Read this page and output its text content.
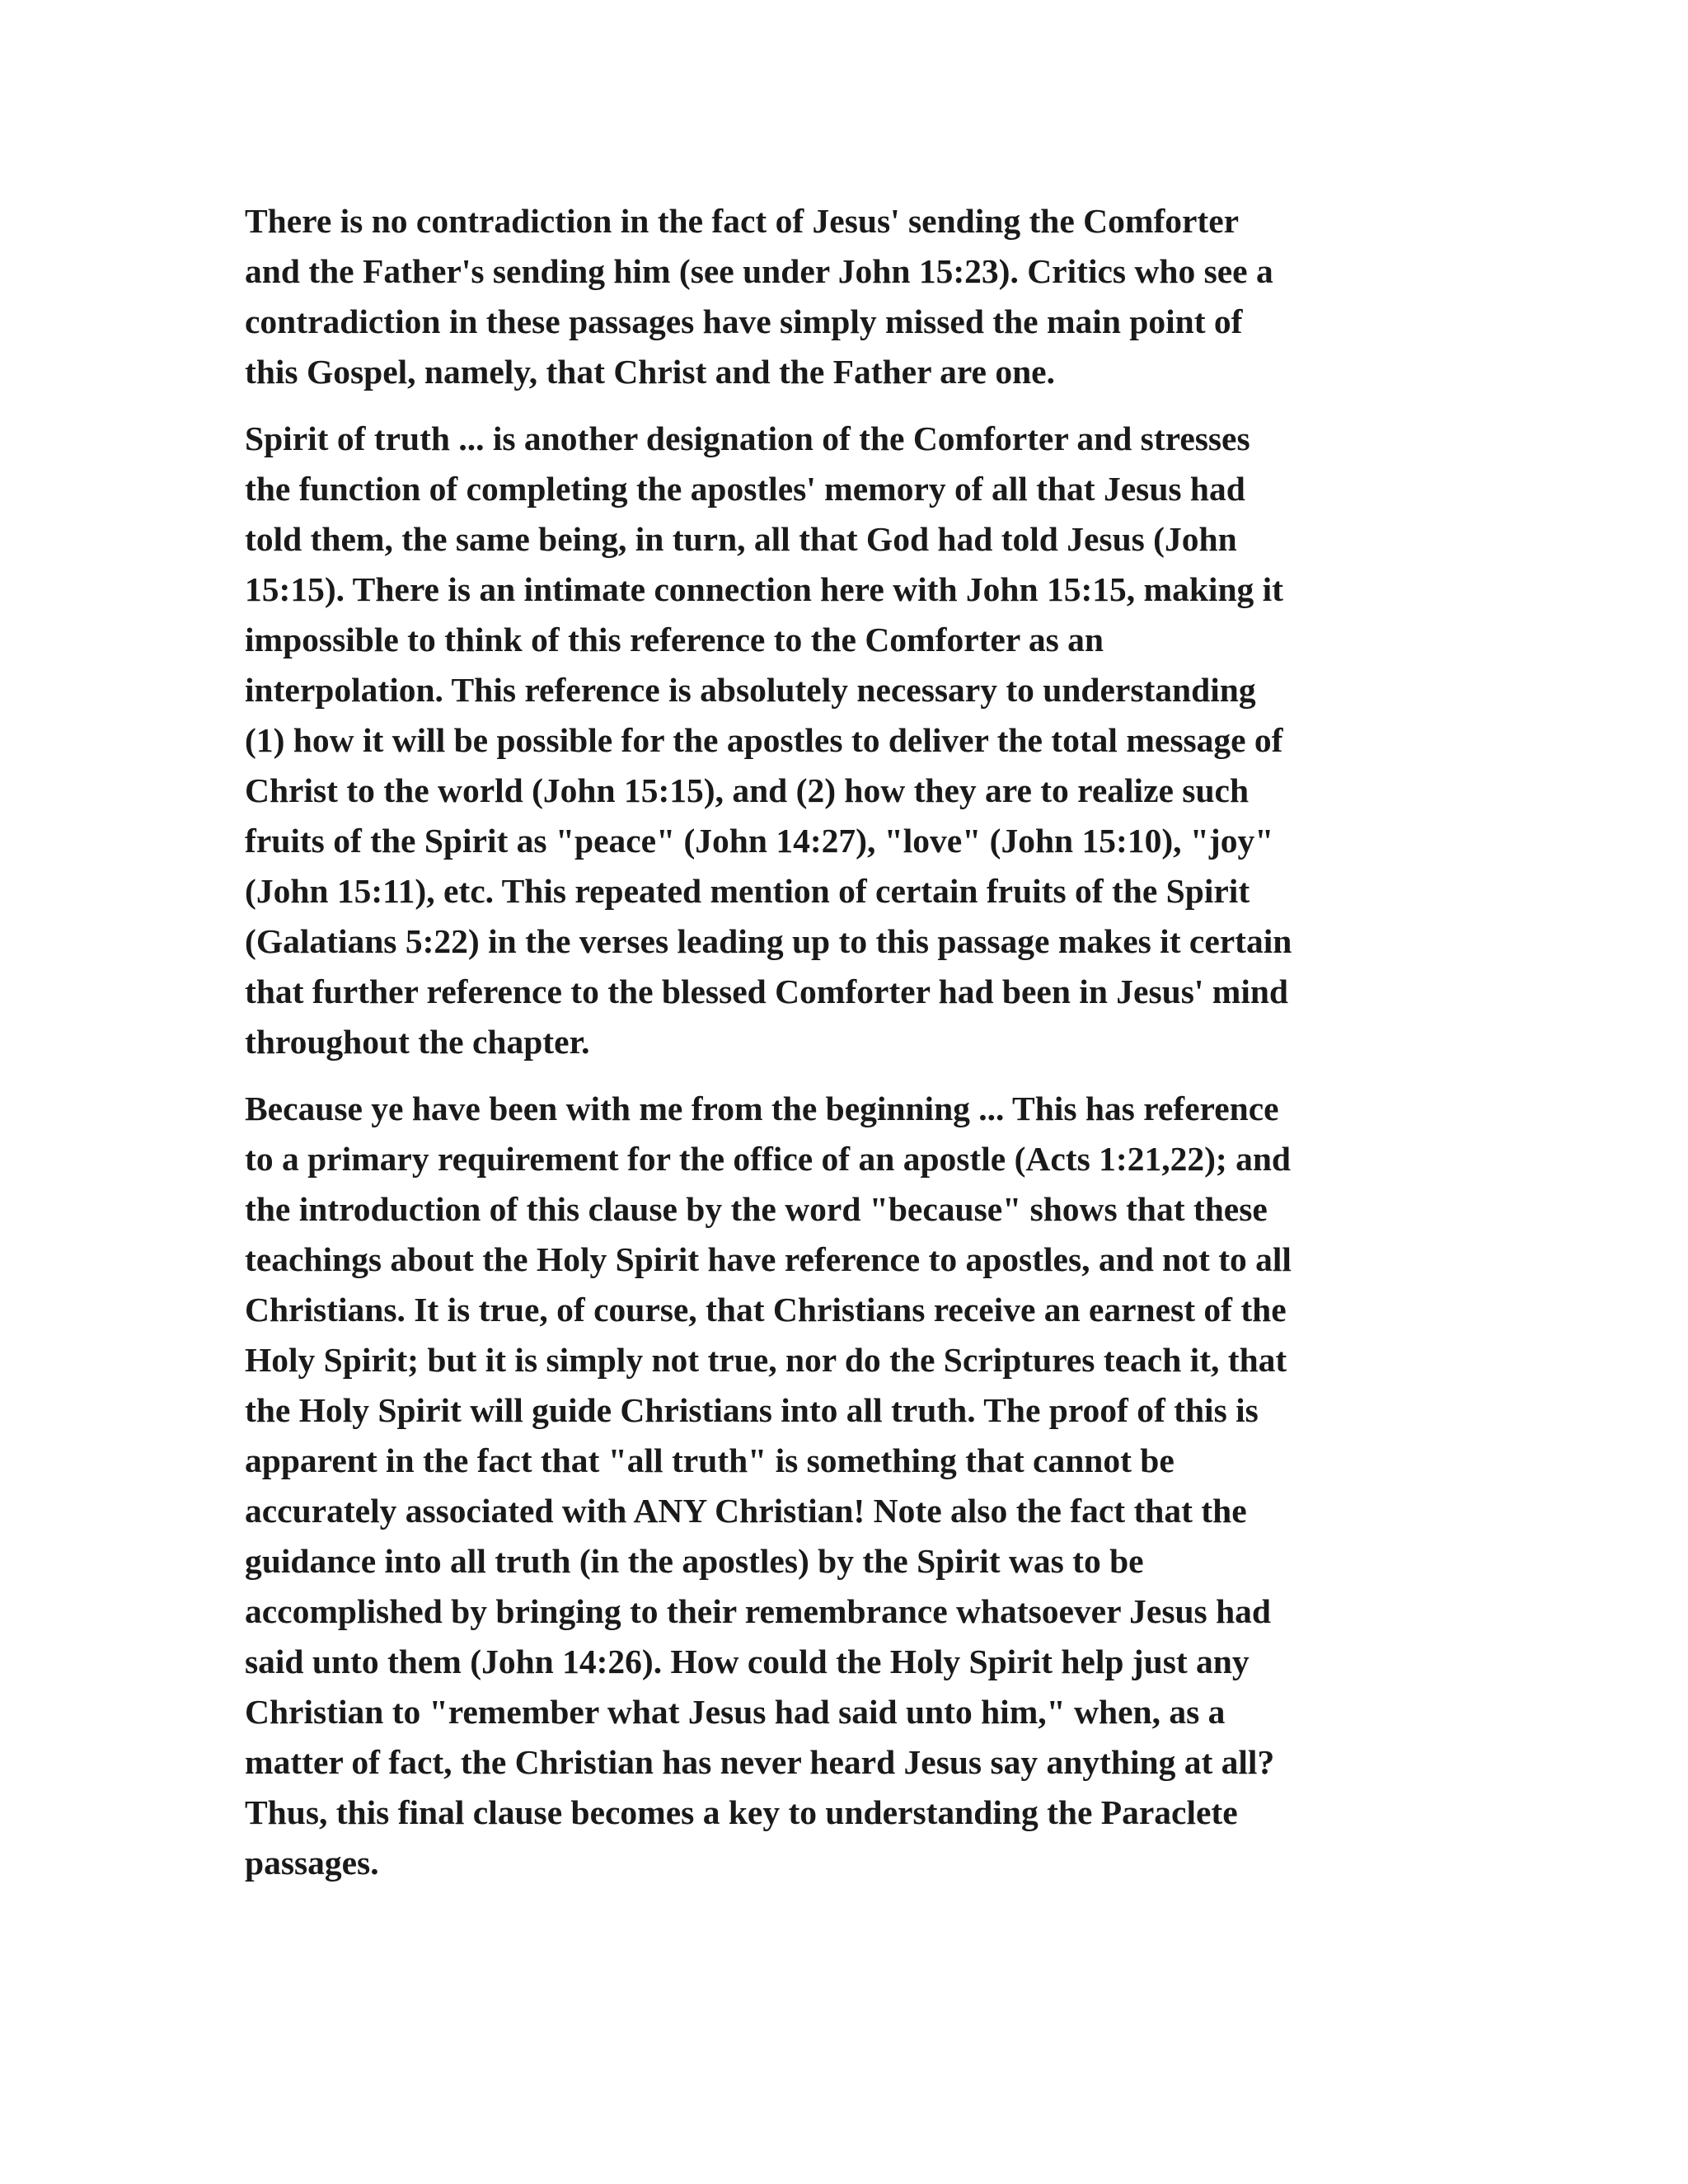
There is no contradiction in the fact of Jesus' sending the Comforter
and the Father's sending him (see under John 15:23). Critics who see a
contradiction in these passages have simply missed the main point of
this Gospel, namely, that Christ and the Father are one.

Spirit of truth ... is another designation of the Comforter and stresses
the function of completing the apostles' memory of all that Jesus had
told them, the same being, in turn, all that God had told Jesus (John
15:15). There is an intimate connection here with John 15:15, making it
impossible to think of this reference to the Comforter as an
interpolation. This reference is absolutely necessary to understanding
(1) how it will be possible for the apostles to deliver the total message of
Christ to the world (John 15:15), and (2) how they are to realize such
fruits of the Spirit as "peace" (John 14:27), "love" (John 15:10), "joy"
(John 15:11), etc. This repeated mention of certain fruits of the Spirit
(Galatians 5:22) in the verses leading up to this passage makes it certain
that further reference to the blessed Comforter had been in Jesus' mind
throughout the chapter.

Because ye have been with me from the beginning ... This has reference
to a primary requirement for the office of an apostle (Acts 1:21,22); and
the introduction of this clause by the word "because" shows that these
teachings about the Holy Spirit have reference to apostles, and not to all
Christians. It is true, of course, that Christians receive an earnest of the
Holy Spirit; but it is simply not true, nor do the Scriptures teach it, that
the Holy Spirit will guide Christians into all truth. The proof of this is
apparent in the fact that "all truth" is something that cannot be
accurately associated with ANY Christian! Note also the fact that the
guidance into all truth (in the apostles) by the Spirit was to be
accomplished by bringing to their remembrance whatsoever Jesus had
said unto them (John 14:26). How could the Holy Spirit help just any
Christian to "remember what Jesus had said unto him," when, as a
matter of fact, the Christian has never heard Jesus say anything at all?
Thus, this final clause becomes a key to understanding the Paraclete
passages.
